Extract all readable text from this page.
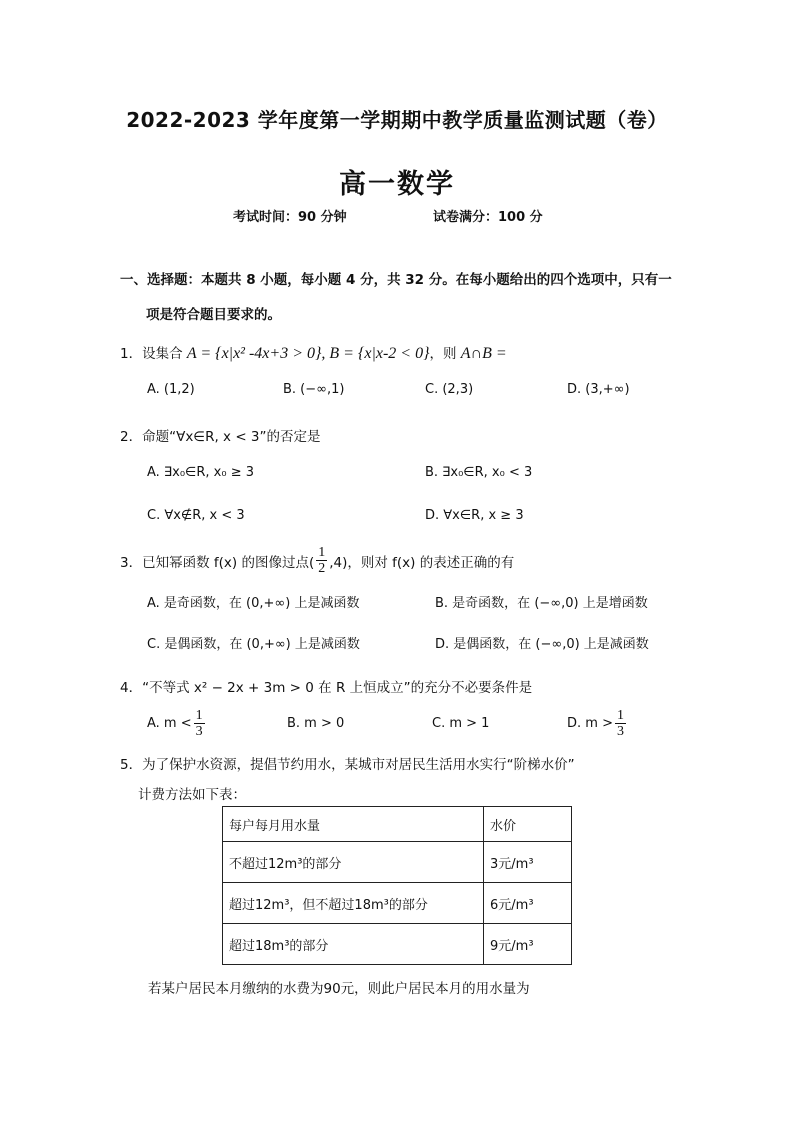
2022-2023 学年度第一学期期中教学质量监测试题（卷）
高一数学
考试时间：90 分钟	试卷满分：100 分
一、选择题：本题共 8 小题，每小题 4 分，共 32 分。在每小题给出的四个选项中，只有一
项是符合题目要求的。
1．设集合 A = {x|x² -4x+3 > 0}, B = {x|x-2 < 0}，则 A∩B =
A. (1,2)	B. (−∞,1)	C. (2,3)	D. (3,+∞)
2．命题“∀x∈R, x < 3”的否定是
A. ∃x₀∈R, x₀ ≥ 3	B. ∃x₀∈R, x₀ < 3
C. ∀x∉R, x < 3	D. ∀x∈R, x ≥ 3
3． 已知幂函数 f(x) 的图像过点( $\frac{1}{2} ,4$)，则对 f(x) 的表述正确的有
A. 是奇函数，在 (0,+∞) 上是减函数	B. 是奇函数，在 (−∞,0) 上是增函数
C. 是偶函数，在 (0,+∞) 上是减函数	D. 是偶函数，在 (−∞,0) 上是减函数
4．“不等式 x² − 2x + 3m > 0 在 R 上恒成立”的充分不必要条件是
A. $m < \frac{1}{3}$	B. m > 0	C. m > 1	D. $m > \frac{1}{3}$
5．为了保护水资源，提倡节约用水，某城市对居民生活用水实行“阶梯水价”
计费方法如下表：
每户每月用水量	水价
不超过12m³的部分	3元/m³
超过12m³，但不超过18m³的部分	6元/m³
超过18m³的部分	9元/m³
若某户居民本月缴纳的水费为90元，则此户居民本月的用水量为
